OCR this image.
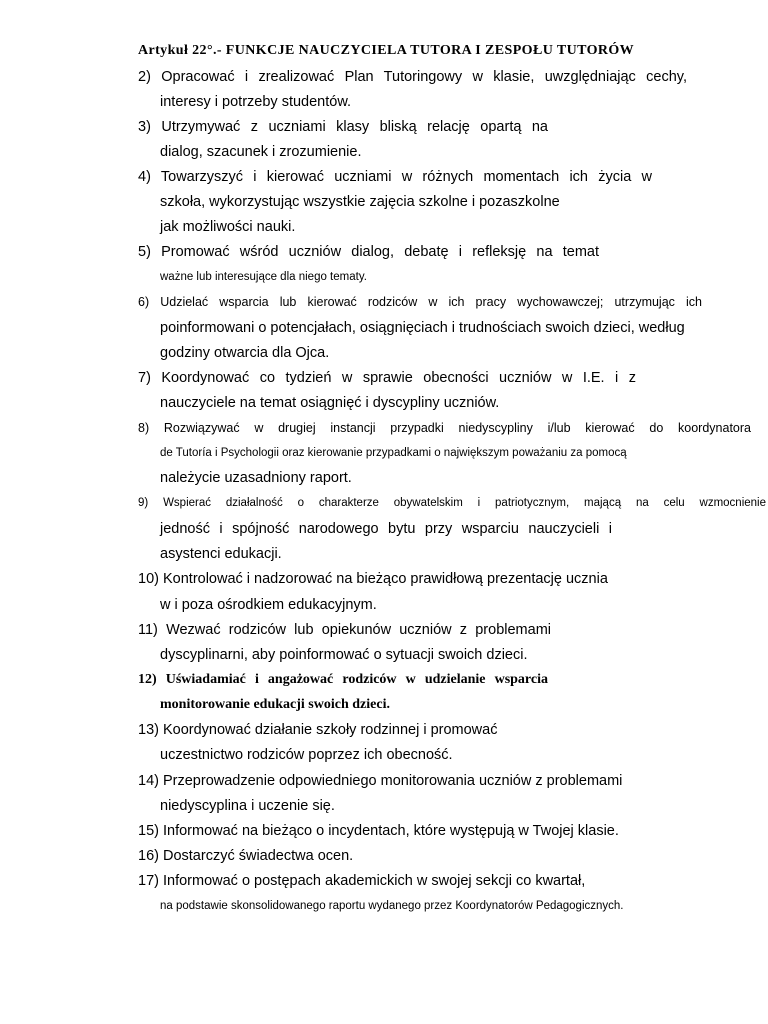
Artykuł 22°.- FUNKCJE NAUCZYCIELA TUTORA I ZESPOŁU TUTORÓW
2) Opracować i zrealizować Plan Tutoringowy w klasie, uwzględniając cechy,
interesy i potrzeby studentów.
3) Utrzymywać z uczniami klasy bliską relację opartą na
dialog, szacunek i zrozumienie.
4) Towarzyszyć i kierować uczniami w różnych momentach ich życia w
szkoła, wykorzystując wszystkie zajęcia szkolne i pozaszkolne
jak możliwości nauki.
5) Promować wśród uczniów dialog, debatę i refleksję na temat
ważne lub interesujące dla niego tematy.
6) Udzielać wsparcia lub kierować rodziców w ich pracy wychowawczej; utrzymując ich
poinformowani o potencjałach, osiągnięciach i trudnościach swoich dzieci, według
godziny otwarcia dla Ojca.
7) Koordynować co tydzień w sprawie obecności uczniów w I.E. i z
nauczyciele na temat osiągnięć i dyscypliny uczniów.
8) Rozwiązywać w drugiej instancji przypadki niedyscypliny i/lub kierować do koordynatora
de Tutoría i Psychologii oraz kierowanie przypadkami o największym poważaniu za pomocą
należycie uzasadniony raport.
9) Wspierać działalność o charakterze obywatelskim i patriotycznym, mającą na celu wzmocnienie
jedność i spójność narodowego bytu przy wsparciu nauczycieli i
asystenci edukacji.
10) Kontrolować i nadzorować na bieżąco prawidłową prezentację ucznia
w i poza ośrodkiem edukacyjnym.
11) Wezwać rodziców lub opiekunów uczniów z problemami
dyscyplinarni, aby poinformować o sytuacji swoich dzieci.
12) Uświadamiać i angażować rodziców w udzielanie wsparcia
monitorowanie edukacji swoich dzieci.
13) Koordynować działanie szkoły rodzinnej i promować
uczestnictwo rodziców poprzez ich obecność.
14) Przeprowadzenie odpowiedniego monitorowania uczniów z problemami
niedyscyplina i uczenie się.
15) Informować na bieżąco o incydentach, które występują w Twojej klasie.
16) Dostarczyć świadectwa ocen.
17) Informować o postępach akademickich w swojej sekcji co kwartał,
na podstawie skonsolidowanego raportu wydanego przez Koordynatorów Pedagogicznych.
